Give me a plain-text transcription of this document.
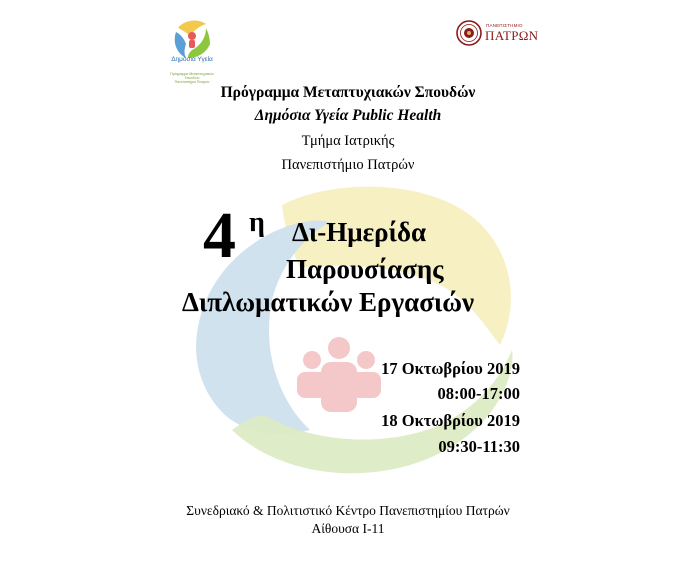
Δημόσια Υγεία
Πρόγραμμα Μεταπτυχιακών
Σπουδών
Πανεπιστήμιο Πατρών
ΠΑΝΕΠΙΣΤΗΜΙΟ
ΠΑΤΡΩΝ
Πρόγραμμα Μεταπτυχιακών Σπουδών
Δημόσια Υγεία Public Health
Τμήμα Ιατρικής
Πανεπιστήμιο Πατρών
4 η Δι-Ημερίδα
Παρουσίασης
Διπλωματικών Εργασιών
17 Οκτωβρίου 2019
08:00-17:00
18 Οκτωβρίου 2019
09:30-11:30
Συνεδριακό & Πολιτιστικό Κέντρο Πανεπιστημίου Πατρών
Αίθουσα Ι-11
